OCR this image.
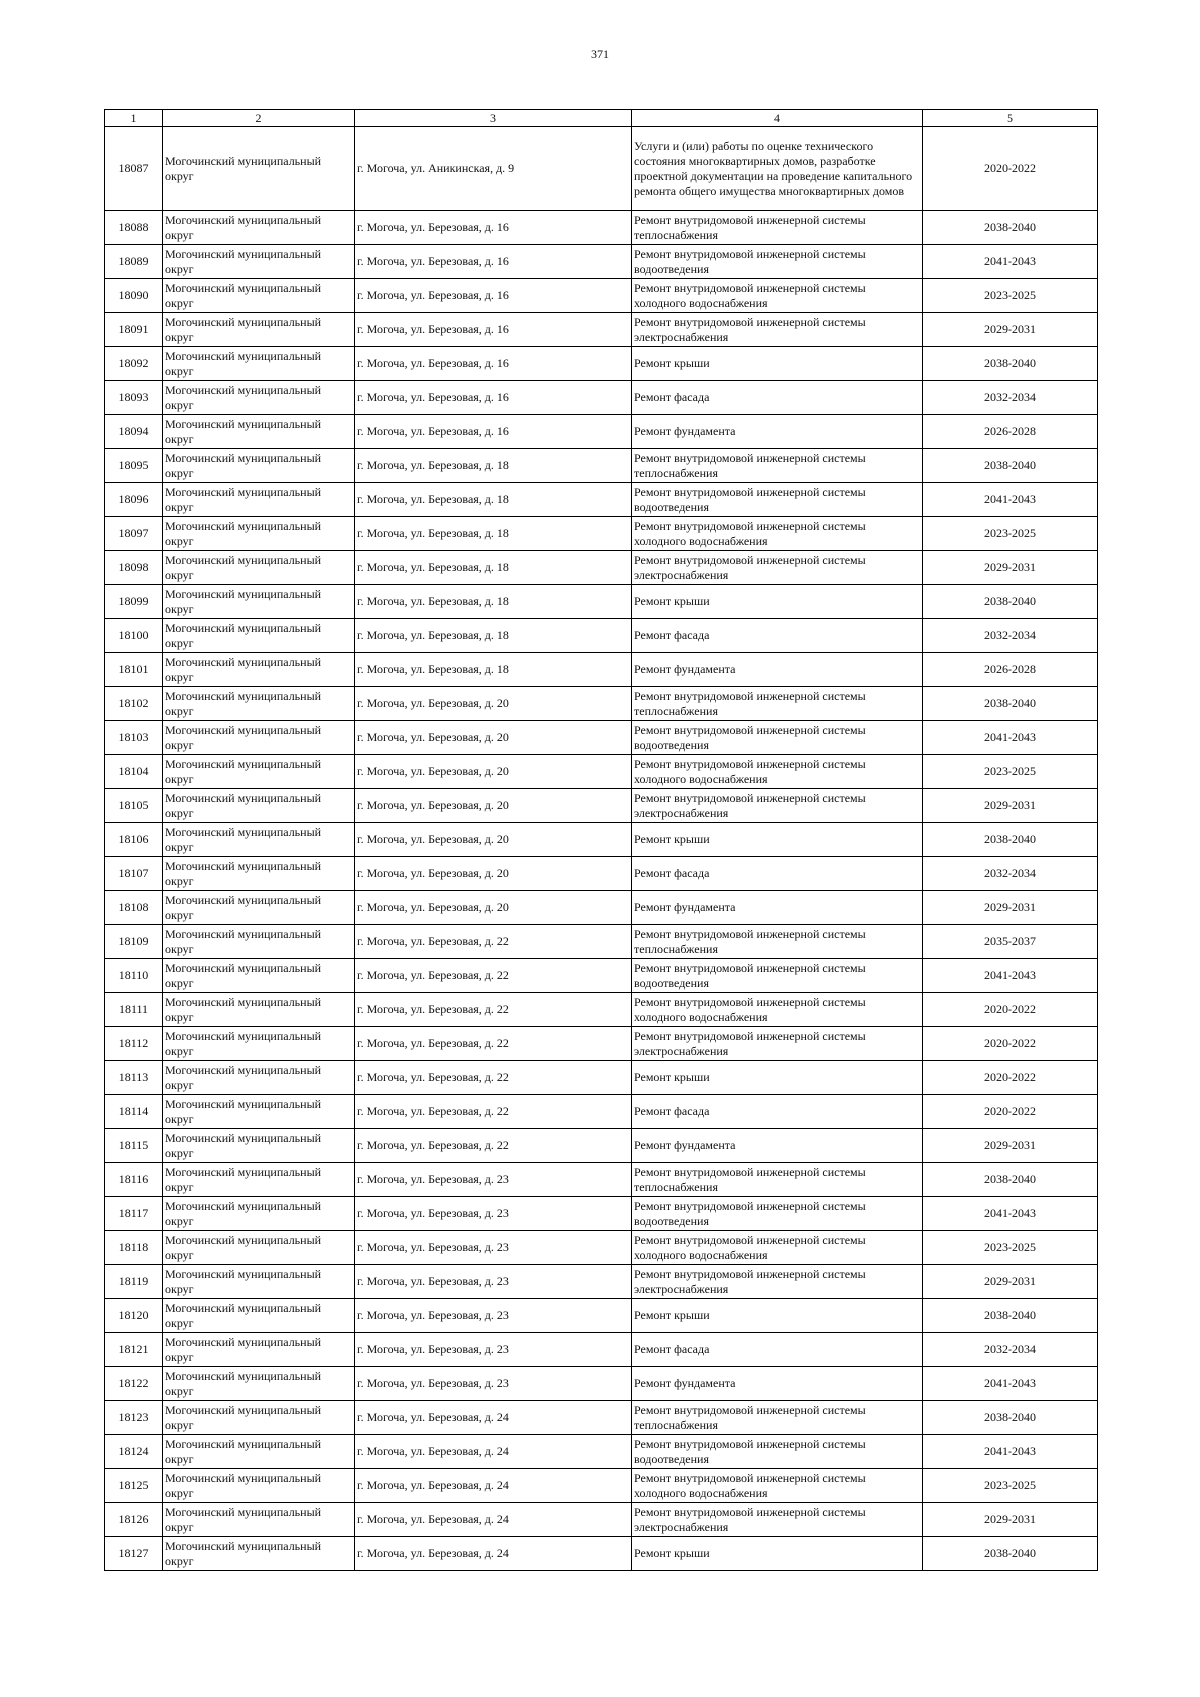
371
1	2	3	4	5
18087	Могочинский муниципальный округ	г. Могоча, ул. Аникинская, д. 9	Услуги и (или) работы по оценке технического состояния многоквартирных домов, разработке проектной документации на проведение капитального ремонта общего имущества многоквартирных домов	2020-2022
18088	Могочинский муниципальный округ	г. Могоча, ул. Березовая, д. 16	Ремонт внутридомовой инженерной системы теплоснабжения	2038-2040
18089	Могочинский муниципальный округ	г. Могоча, ул. Березовая, д. 16	Ремонт внутридомовой инженерной системы водоотведения	2041-2043
18090	Могочинский муниципальный округ	г. Могоча, ул. Березовая, д. 16	Ремонт внутридомовой инженерной системы холодного водоснабжения	2023-2025
18091	Могочинский муниципальный округ	г. Могоча, ул. Березовая, д. 16	Ремонт внутридомовой инженерной системы электроснабжения	2029-2031
18092	Могочинский муниципальный округ	г. Могоча, ул. Березовая, д. 16	Ремонт крыши	2038-2040
18093	Могочинский муниципальный округ	г. Могоча, ул. Березовая, д. 16	Ремонт фасада	2032-2034
18094	Могочинский муниципальный округ	г. Могоча, ул. Березовая, д. 16	Ремонт фундамента	2026-2028
18095	Могочинский муниципальный округ	г. Могоча, ул. Березовая, д. 18	Ремонт внутридомовой инженерной системы теплоснабжения	2038-2040
18096	Могочинский муниципальный округ	г. Могоча, ул. Березовая, д. 18	Ремонт внутридомовой инженерной системы водоотведения	2041-2043
18097	Могочинский муниципальный округ	г. Могоча, ул. Березовая, д. 18	Ремонт внутридомовой инженерной системы холодного водоснабжения	2023-2025
18098	Могочинский муниципальный округ	г. Могоча, ул. Березовая, д. 18	Ремонт внутридомовой инженерной системы электроснабжения	2029-2031
18099	Могочинский муниципальный округ	г. Могоча, ул. Березовая, д. 18	Ремонт крыши	2038-2040
18100	Могочинский муниципальный округ	г. Могоча, ул. Березовая, д. 18	Ремонт фасада	2032-2034
18101	Могочинский муниципальный округ	г. Могоча, ул. Березовая, д. 18	Ремонт фундамента	2026-2028
18102	Могочинский муниципальный округ	г. Могоча, ул. Березовая, д. 20	Ремонт внутридомовой инженерной системы теплоснабжения	2038-2040
18103	Могочинский муниципальный округ	г. Могоча, ул. Березовая, д. 20	Ремонт внутридомовой инженерной системы водоотведения	2041-2043
18104	Могочинский муниципальный округ	г. Могоча, ул. Березовая, д. 20	Ремонт внутридомовой инженерной системы холодного водоснабжения	2023-2025
18105	Могочинский муниципальный округ	г. Могоча, ул. Березовая, д. 20	Ремонт внутридомовой инженерной системы электроснабжения	2029-2031
18106	Могочинский муниципальный округ	г. Могоча, ул. Березовая, д. 20	Ремонт крыши	2038-2040
18107	Могочинский муниципальный округ	г. Могоча, ул. Березовая, д. 20	Ремонт фасада	2032-2034
18108	Могочинский муниципальный округ	г. Могоча, ул. Березовая, д. 20	Ремонт фундамента	2029-2031
18109	Могочинский муниципальный округ	г. Могоча, ул. Березовая, д. 22	Ремонт внутридомовой инженерной системы теплоснабжения	2035-2037
18110	Могочинский муниципальный округ	г. Могоча, ул. Березовая, д. 22	Ремонт внутридомовой инженерной системы водоотведения	2041-2043
18111	Могочинский муниципальный округ	г. Могоча, ул. Березовая, д. 22	Ремонт внутридомовой инженерной системы холодного водоснабжения	2020-2022
18112	Могочинский муниципальный округ	г. Могоча, ул. Березовая, д. 22	Ремонт внутридомовой инженерной системы электроснабжения	2020-2022
18113	Могочинский муниципальный округ	г. Могоча, ул. Березовая, д. 22	Ремонт крыши	2020-2022
18114	Могочинский муниципальный округ	г. Могоча, ул. Березовая, д. 22	Ремонт фасада	2020-2022
18115	Могочинский муниципальный округ	г. Могоча, ул. Березовая, д. 22	Ремонт фундамента	2029-2031
18116	Могочинский муниципальный округ	г. Могоча, ул. Березовая, д. 23	Ремонт внутридомовой инженерной системы теплоснабжения	2038-2040
18117	Могочинский муниципальный округ	г. Могоча, ул. Березовая, д. 23	Ремонт внутридомовой инженерной системы водоотведения	2041-2043
18118	Могочинский муниципальный округ	г. Могоча, ул. Березовая, д. 23	Ремонт внутридомовой инженерной системы холодного водоснабжения	2023-2025
18119	Могочинский муниципальный округ	г. Могоча, ул. Березовая, д. 23	Ремонт внутридомовой инженерной системы электроснабжения	2029-2031
18120	Могочинский муниципальный округ	г. Могоча, ул. Березовая, д. 23	Ремонт крыши	2038-2040
18121	Могочинский муниципальный округ	г. Могоча, ул. Березовая, д. 23	Ремонт фасада	2032-2034
18122	Могочинский муниципальный округ	г. Могоча, ул. Березовая, д. 23	Ремонт фундамента	2041-2043
18123	Могочинский муниципальный округ	г. Могоча, ул. Березовая, д. 24	Ремонт внутридомовой инженерной системы теплоснабжения	2038-2040
18124	Могочинский муниципальный округ	г. Могоча, ул. Березовая, д. 24	Ремонт внутридомовой инженерной системы водоотведения	2041-2043
18125	Могочинский муниципальный округ	г. Могоча, ул. Березовая, д. 24	Ремонт внутридомовой инженерной системы холодного водоснабжения	2023-2025
18126	Могочинский муниципальный округ	г. Могоча, ул. Березовая, д. 24	Ремонт внутридомовой инженерной системы электроснабжения	2029-2031
18127	Могочинский муниципальный округ	г. Могоча, ул. Березовая, д. 24	Ремонт крыши	2038-2040
